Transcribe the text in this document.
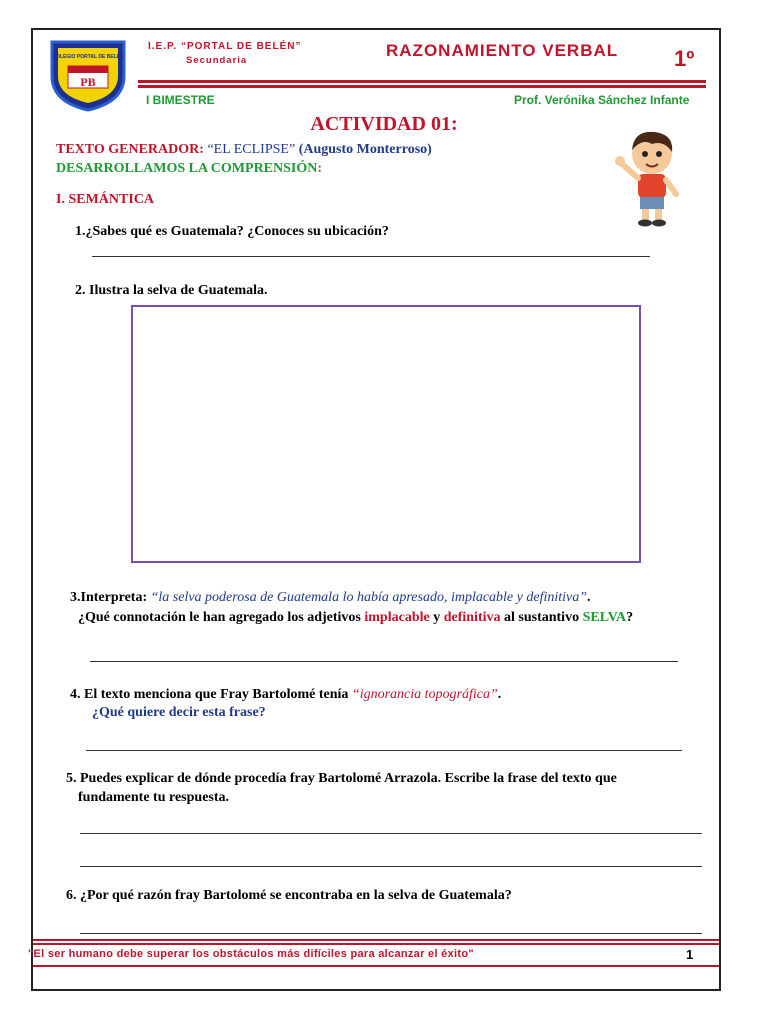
PB
COLEGIO PORTAL DE BELÉN
I.E.P. “PORTAL DE BELÉN”
Secundaria
RAZONAMIENTO VERBAL	1º
I BIMESTRE	Prof. Verónika Sánchez Infante
ACTIVIDAD 01:
TEXTO GENERADOR: “EL ECLIPSE” (Augusto Monterroso)
DESARROLLAMOS LA COMPRENSIÓN:
I. SEMÁNTICA
1.¿Sabes qué es Guatemala? ¿Conoces su ubicación?
2. Ilustra la selva de Guatemala.
3.Interpreta: “la selva poderosa de Guatemala lo había apresado, implacable y definitiva”.
¿Qué connotación le han agregado los adjetivos implacable y definitiva al sustantivo SELVA?
4. El texto menciona que Fray Bartolomé tenía “ignorancia topográfica”.
¿Qué quiere decir esta frase?
5. Puedes explicar de dónde procedía fray Bartolomé Arrazola. Escribe la frase del texto que
fundamente tu respuesta.
6. ¿Por qué razón fray Bartolomé se encontraba en la selva de Guatemala?
"El ser humano debe superar los obstáculos más difíciles para alcanzar el éxito"	1
